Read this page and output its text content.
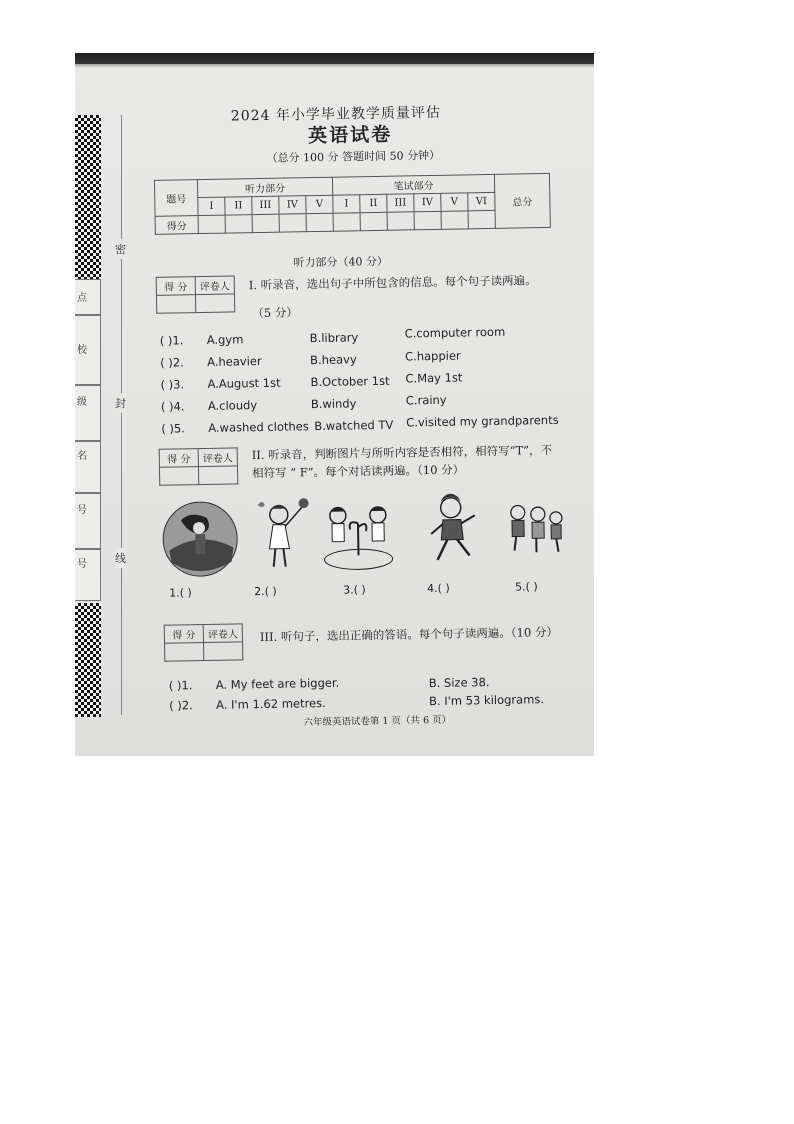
点
校
级
名
号
号
密
封
线
2024 年小学毕业教学质量评估
英语试卷
（总分 100 分 答题时间 50 分钟）
题号	听力部分					笔试部分						总分
	I	II	III	IV	V	I	II	III	IV	V	VI	
得分												
听力部分（40 分）
得 分	评卷人
	I. 听录音，选出句子中所包含的信息。每个句子读两遍。
（5 分）
( )1. A.gym	B.library	C.computer room
( )2. A.heavier	B.heavy	C.happier
( )3. A.August 1st	B.October 1st C.May 1st
( )4. A.cloudy	B.windy	C.rainy
( )5. A.washed clothes B.watched TV C.visited my grandparents
得 分	评卷人
	II. 听录音，判断图片与所听内容是否相符，相符写“T”，不
相符写 “ F”。每个对话读两遍。（10 分）
1.( )	2.( )	3.( )	4.( )	5.( )
得 分	评卷人
	III. 听句子，选出正确的答语。每个句子读两遍。（10 分）
( )1. A. My feet are bigger.	B. Size 38.
( )2. A. I'm 1.62 metres.	B. I'm 53 kilograms.
六年级英语试卷第 1 页（共 6 页）
